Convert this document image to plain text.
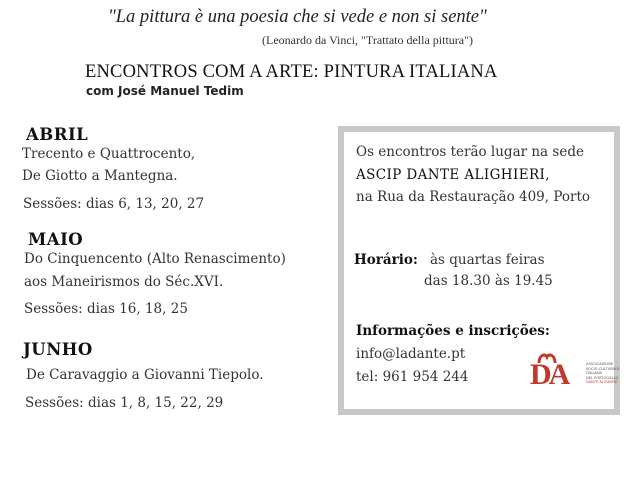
"La pittura è una poesia che si vede e non si sente"
(Leonardo da Vinci, "Trattato della pittura")
ENCONTROS COM A ARTE: PINTURA ITALIANA
com José Manuel Tedim
ABRIL
Trecento e Quattrocento,
De Giotto a Mantegna.
Sessões: dias 6, 13, 20, 27
MAIO
Do Cinquencento (Alto Renascimento)
aos Maneirismos do Séc.XVI.
Sessões: dias 16, 18, 25
JUNHO
De Caravaggio a Giovanni Tiepolo.
Sessões: dias 1, 8, 15, 22, 29
Os encontros terão lugar na sede
ASCIP DANTE ALIGHIERI,
na Rua da Restauração 409, Porto
Horário: às quartas feiras
das 18.30 às 19.45
Informações e inscrições:
info@ladante.pt
tel: 961 954 244 DA	ASSOCIAZIONE
SOCIO-CULTURALE
ITALIANA
DEL PORTOGALLO
DANTE ALIGHIERI
